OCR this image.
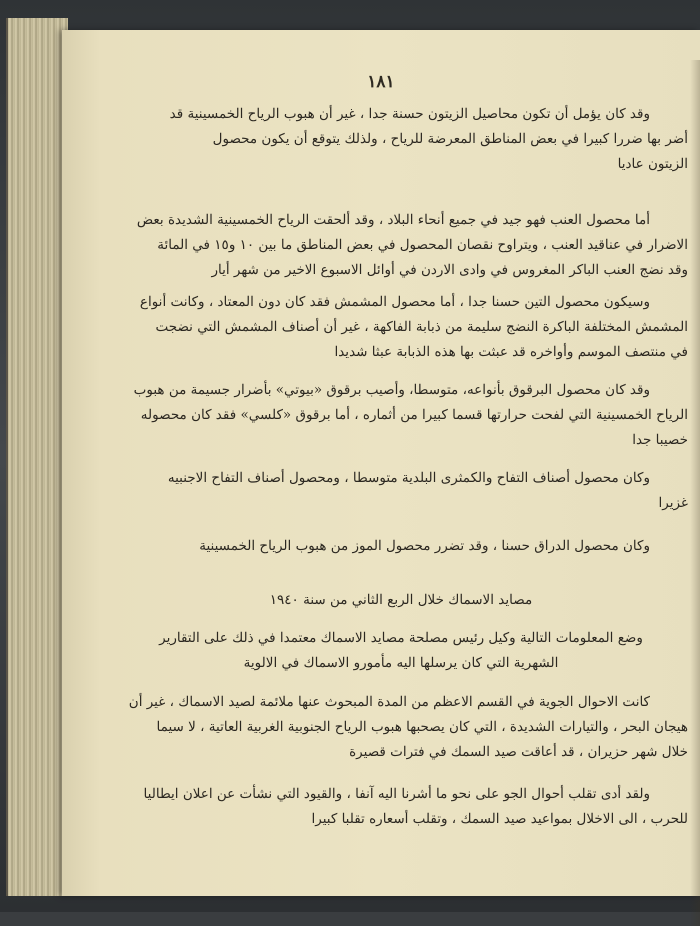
١٨١
وقد كان يؤمل أن تكون محاصيل الزيتون حسنة جدا ، غير أن هبوب الرياح الخمسينية قد
أضر بها ضررا كبيرا في بعض المناطق المعرضة للرياح ، ولذلك يتوقع أن يكون محصول
الزيتون عاديا
أما محصول العنب فهو جيد في جميع أنحاء البلاد ، وقد ألحقت الرياح الخمسينية الشديدة بعض
الاضرار في عناقيد العنب ، ويتراوح نقصان المحصول في بعض المناطق ما بين ١٠ و١٥ في المائة
وقد نضج العنب الباكر المغروس في وادى الاردن في أوائل الاسبوع الاخير من شهر أيار
وسيكون محصول التين حسنا جدا ، أما محصول المشمش فقد كان دون المعتاد ، وكانت أنواع
المشمش المختلفة الباكرة النضج سليمة من ذبابة الفاكهة ، غير أن أصناف المشمش التي نضجت
في منتصف الموسم وأواخره قد عبثت بها هذه الذبابة عبثا شديدا
وقد كان محصول البرقوق بأنواعه، متوسطا، وأصيب برقوق «بيوتي» بأضرار جسيمة من هبوب
الرياح الخمسينية التي لفحت حرارتها قسما كبيرا من أثماره ، أما برقوق «كلسي» فقد كان محصوله
خصيبا جدا
وكان محصول أصناف التفاح والكمثرى البلدية متوسطا ، ومحصول أصناف التفاح الاجنبيه
غزيرا
وكان محصول الدراق حسنا ، وقد تضرر محصول الموز من هبوب الرياح الخمسينية
مصايد الاسماك خلال الربع الثاني من سنة ١٩٤٠
وضع المعلومات التالية وكيل رئيس مصلحة مصايد الاسماك معتمدا في ذلك على التقارير
الشهرية التي كان يرسلها اليه مأمورو الاسماك في الالوية
كانت الاحوال الجوية في القسم الاعظم من المدة المبحوث عنها ملائمة لصيد الاسماك ، غير أن
هيجان البحر ، والتيارات الشديدة ، التي كان يصحبها هبوب الرياح الجنوبية الغربية العاتية ، لا سيما
خلال شهر حزيران ، قد أعاقت صيد السمك في فترات قصيرة
ولقد أدى تقلب أحوال الجو على نحو ما أشرنا اليه آنفا ، والقيود التي نشأت عن اعلان ايطاليا
للحرب ، الى الاخلال بمواعيد صيد السمك ، وتقلب أسعاره تقلبا كبيرا
